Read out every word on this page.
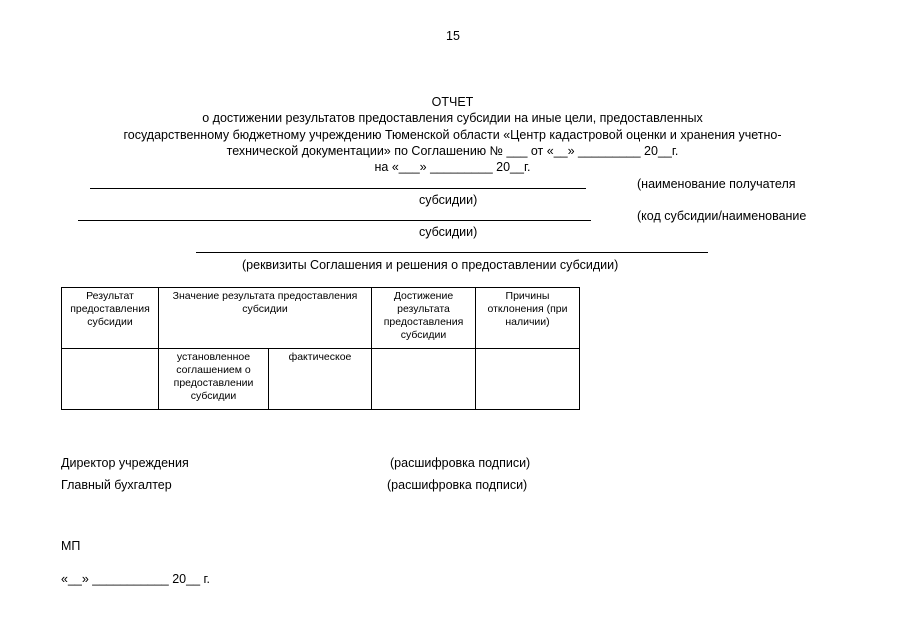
15
ОТЧЕТ
о достижении результатов предоставления субсидии на иные цели, предоставленных
государственному бюджетному учреждению Тюменской области «Центр кадастровой оценки и хранения учетно-
технической документации» по Соглашению № ___ от «__» _________ 20__г.
на «___» _________ 20__г.
(наименование получателя
субсидии)
(код субсидии/наименование
субсидии)
(реквизиты Соглашения и решения о предоставлении субсидии)
Результат предоставления субсидии	Значение результата предоставления субсидии		Достижение результата предоставления субсидии	Причины отклонения (при наличии)
	установленное соглашением о предоставлении субсидии	фактическое		
Директор учреждения	(расшифровка подписи)
Главный бухгалтер	(расшифровка подписи)
МП
«__» ___________ 20__ г.
